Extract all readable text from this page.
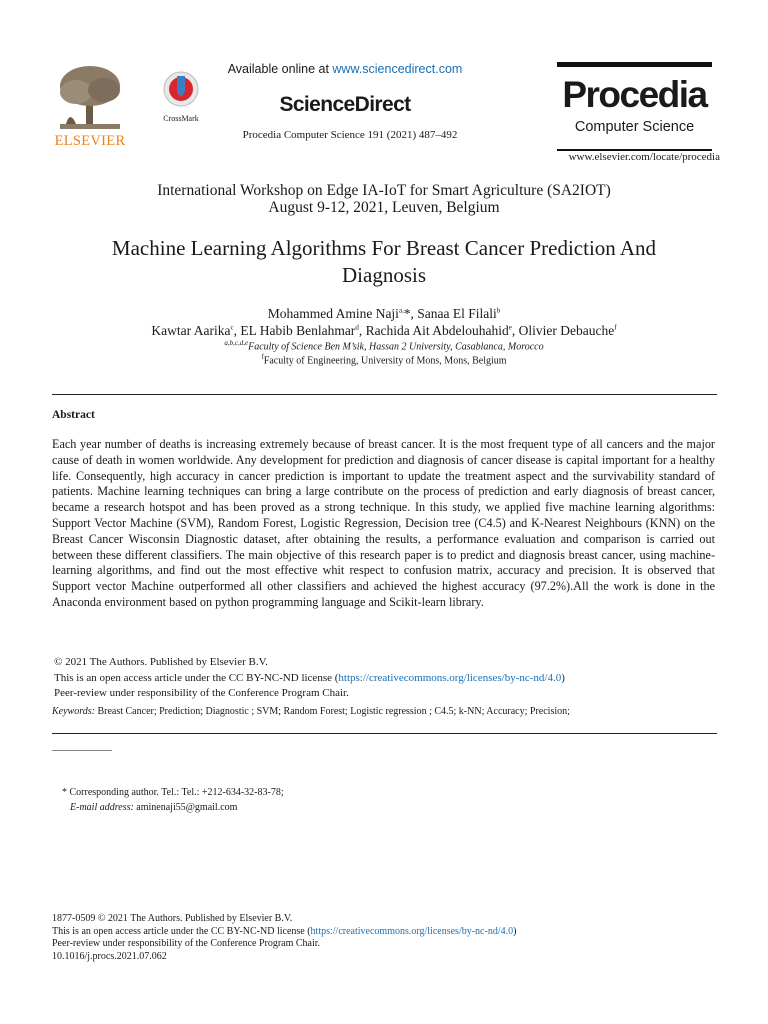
ELSEVIER
CrossMark
Available online at www.sciencedirect.com
ScienceDirect
Procedia Computer Science 191 (2021) 487–492
Procedia
Computer Science
www.elsevier.com/locate/procedia
International Workshop on Edge IA-IoT for Smart Agriculture (SA2IOT)
August 9-12, 2021, Leuven, Belgium
Machine Learning Algorithms For Breast Cancer Prediction And
Diagnosis
Mohammed Amine Naji$^{a,}$*, Sanaa El Filali$^b$
Kawtar Aarika$^c$, EL Habib Benlahmar$^d$, Rachida Ait Abdelouhahid$^e$, Olivier Debauche$^f$
$^{a,b,c,d,e}$Faculty of Science Ben M’sik, Hassan 2 University, Casablanca, Morocco
$^f$Faculty of Engineering, University of Mons, Mons, Belgium
Abstract
Each year number of deaths is increasing extremely because of breast cancer. It is the most frequent type of all cancers and the major cause of death in women worldwide. Any development for prediction and diagnosis of cancer disease is capital important for a healthy life. Consequently, high accuracy in cancer prediction is important to update the treatment aspect and the survivability standard of patients. Machine learning techniques can bring a large contribute on the process of prediction and early diagnosis of breast cancer, became a research hotspot and has been proved as a strong technique. In this study, we applied five machine learning algorithms: Support Vector Machine (SVM), Random Forest, Logistic Regression, Decision tree (C4.5) and K-Nearest Neighbours (KNN) on the Breast Cancer Wisconsin Diagnostic dataset, after obtaining the results, a performance evaluation and comparison is carried out between these different classifiers. The main objective of this research paper is to predict and diagnosis breast cancer, using machine-learning algorithms, and find out the most effective whit respect to confusion matrix, accuracy and precision. It is observed that Support vector Machine outperformed all other classifiers and achieved the highest accuracy (97.2%).All the work is done in the Anaconda environment based on python programming language and Scikit-learn library.
© 2021 The Authors. Published by Elsevier B.V.
This is an open access article under the CC BY-NC-ND license (https://creativecommons.org/licenses/by-nc-nd/4.0)
Peer-review under responsibility of the Conference Program Chair.
Keywords: Breast Cancer; Prediction; Diagnostic ; SVM; Random Forest; Logistic regression ; C4.5; k-NN; Accuracy; Precision;
* Corresponding author. Tel.: Tel.: +212-634-32-83-78;
E-mail address: aminenaji55@gmail.com
1877-0509 © 2021 The Authors. Published by Elsevier B.V.
This is an open access article under the CC BY-NC-ND license (https://creativecommons.org/licenses/by-nc-nd/4.0)
Peer-review under responsibility of the Conference Program Chair.
10.1016/j.procs.2021.07.062
